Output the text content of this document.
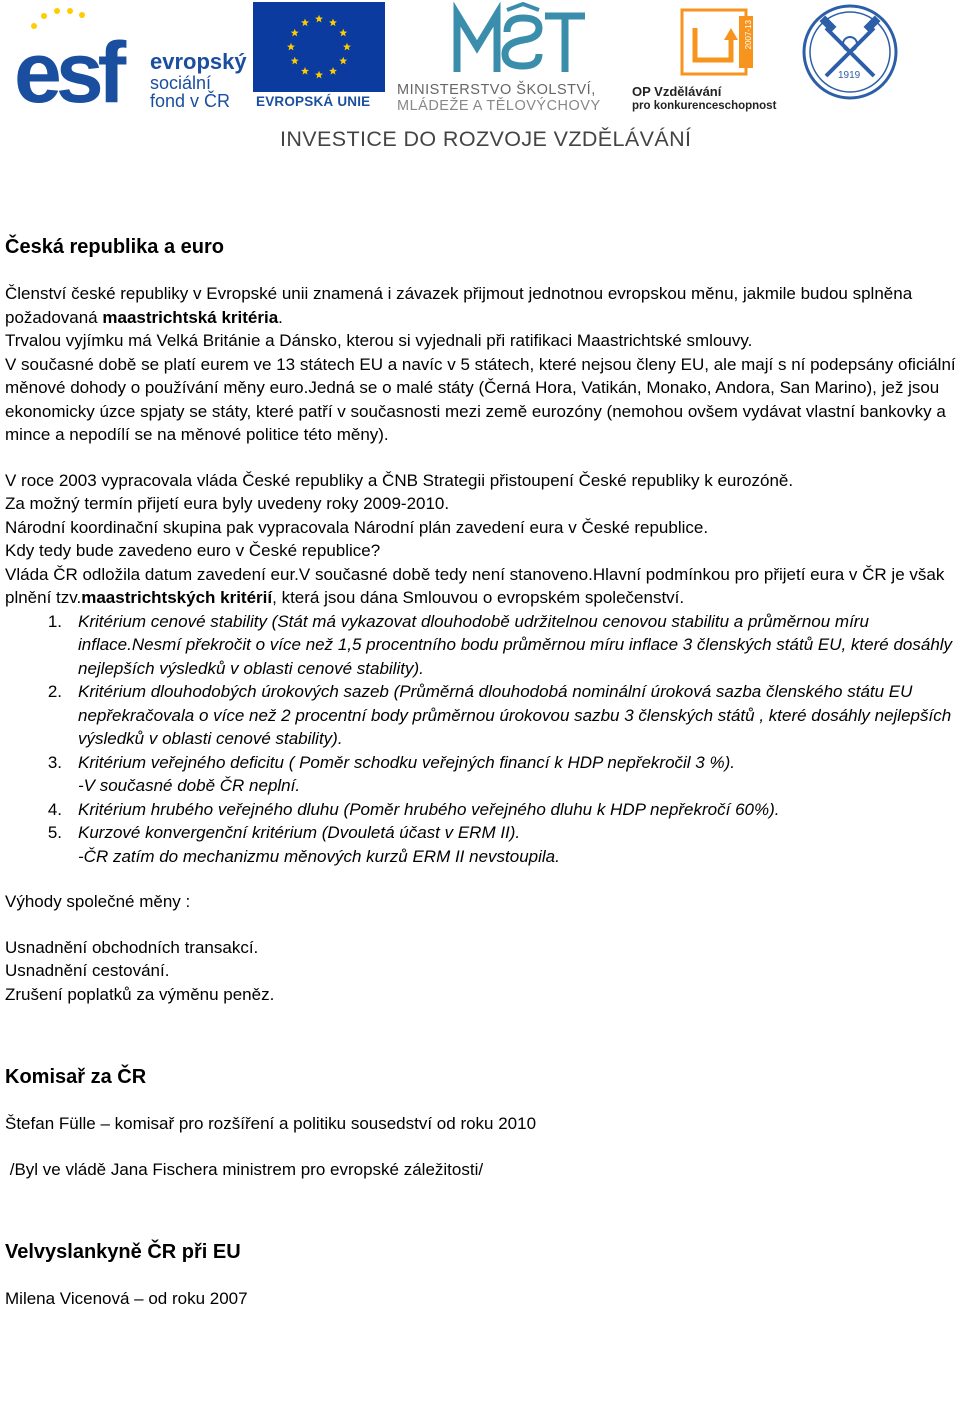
esf evropský
sociální
fond v ČR EVROPSKÁ UNIE
MINISTERSTVO ŠKOLSTVÍ,
MLÁDEŽE A TĚLOVÝCHOVY
2007-13
OP Vzdělávání
pro konkurenceschopnost
1919
INVESTICE DO ROZVOJE VZDĚLÁVÁNÍ
Česká republika a euro

Členství české republiky v Evropské unii znamená i závazek přijmout jednotnou evropskou měnu, jakmile budou splněna požadovaná maastrichtská kritéria.

Trvalou vyjímku má Velká Británie a Dánsko, kterou si vyjednali při ratifikaci Maastrichtské smlouvy.

V současné době se platí eurem ve 13 státech EU a navíc v 5 státech, které nejsou členy EU, ale mají s ní podepsány oficiální měnové dohody o používání měny euro.Jedná se o malé státy (Černá Hora, Vatikán, Monako, Andora, San Marino), jež jsou ekonomicky úzce spjaty se státy, které patří v současnosti mezi země eurozóny (nemohou ovšem vydávat vlastní bankovky a mince a nepodílí se na měnové politice této měny).

V roce 2003 vypracovala vláda České republiky a ČNB Strategii přistoupení České republiky k eurozóně.

Za možný termín přijetí eura byly uvedeny roky 2009-2010.

Národní koordinační skupina pak vypracovala Národní plán zavedení eura v České republice.

Kdy tedy bude zavedeno euro v České republice?

Vláda ČR odložila datum zavedení eur.V současné době tedy není stanoveno.Hlavní podmínkou pro přijetí eura v ČR je však plnění tzv.maastrichtských kritérií, která jsou dána Smlouvou o evropském společenství.

1. Kritérium cenové stability (Stát má vykazovat dlouhodobě udržitelnou cenovou stabilitu a průměrnou míru inflace.Nesmí překročit o více než 1,5 procentního bodu průměrnou míru inflace 3 členských států EU, které dosáhly nejlepších výsledků v oblasti cenové stability).
2. Kritérium dlouhodobých úrokových sazeb (Průměrná dlouhodobá nominální úroková sazba členského státu EU nepřekračovala o více než 2 procentní body průměrnou úrokovou sazbu 3 členských států , které dosáhly nejlepších výsledků v oblasti cenové stability).
3. Kritérium veřejného deficitu ( Poměr schodku veřejných financí k HDP nepřekročil 3 %).
-V současné době ČR neplní.
4. Kritérium hrubého veřejného dluhu (Poměr hrubého veřejného dluhu k HDP nepřekročí 60%).
5. Kurzové konvergenční kritérium (Dvouletá účast v ERM II).
-ČR zatím do mechanizmu měnových kurzů ERM II nevstoupila.

Výhody společné měny :

Usnadnění obchodních transakcí.

Usnadnění cestování.

Zrušení poplatků za výměnu peněz.

Komisař za ČR

Štefan Fülle – komisař pro rozšíření a politiku sousedství od roku 2010

/Byl ve vládě Jana Fischera ministrem pro evropské záležitosti/

Velvyslankyně ČR při EU

Milena Vicenová – od roku 2007
